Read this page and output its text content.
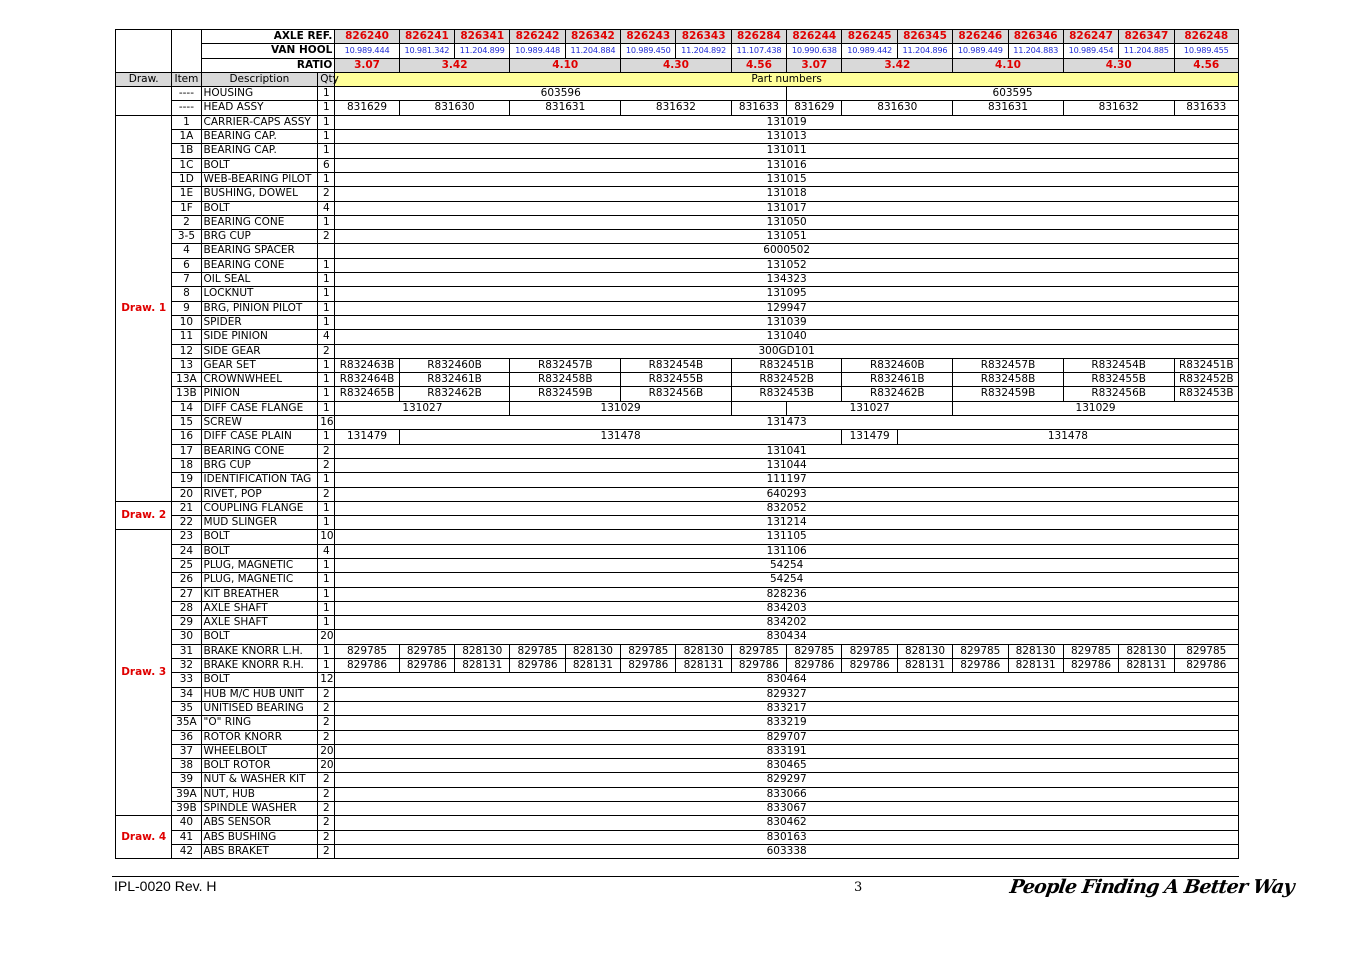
		AXLE REF.		826240	826241	826341	826242	826342	826243	826343	826284	826244	826245	826345	826246	826346	826247	826347	826248
		VAN HOOL		10.989.444	10.981.342	11.204.899	10.989.448	11.204.884	10.989.450	11.204.892	11.107.438	10.990.638	10.989.442	11.204.896	10.989.449	11.204.883	10.989.454	11.204.885	10.989.455
		RATIO		3.07	3.42		4.10		4.30		4.56	3.07	3.42		4.10		4.30		4.56
Draw.	Item	Description	Qty	Part numbers															
	----	HOUSING	1	603596								603595							
	----	HEAD ASSY	1	831629	831630		831631		831632		831633	831629	831630		831631		831632		831633
Draw. 1	1	CARRIER-CAPS ASSY	1	131019															
	1A	BEARING CAP.	1	131013															
	1B	BEARING CAP.	1	131011															
	1C	BOLT	6	131016															
	1D	WEB-BEARING PILOT	1	131015															
	1E	BUSHING, DOWEL	2	131018															
	1F	BOLT	4	131017															
	2	BEARING CONE	1	131050															
	3-5	BRG CUP	2	131051															
	4	BEARING SPACER		6000502															
	6	BEARING CONE	1	131052															
	7	OIL SEAL	1	134323															
	8	LOCKNUT	1	131095															
	9	BRG, PINION PILOT	1	129947															
	10	SPIDER	1	131039															
	11	SIDE PINION	4	131040															
	12	SIDE GEAR	2	300GD101															
	13	GEAR SET	1	R832463B	R832460B		R832457B		R832454B		R832451B		R832460B		R832457B		R832454B		R832451B
	13A	CROWNWHEEL	1	R832464B	R832461B		R832458B		R832455B		R832452B		R832461B		R832458B		R832455B		R832452B
	13B	PINION	1	R832465B	R832462B		R832459B		R832456B		R832453B		R832462B		R832459B		R832456B		R832453B
	14	DIFF CASE FLANGE	1	131027			131029					131027			131029				
	15	SCREW	16	131473															
	16	DIFF CASE PLAIN	1	131479	131478								131479	131478					
	17	BEARING CONE	2	131041															
	18	BRG CUP	2	131044															
	19	IDENTIFICATION TAG	1	111197															
	20	RIVET, POP	2	640293															
Draw. 2	21	COUPLING FLANGE	1	832052															
	22	MUD SLINGER	1	131214															
Draw. 3	23	BOLT	10	131105															
	24	BOLT	4	131106															
	25	PLUG, MAGNETIC	1	54254															
	26	PLUG, MAGNETIC	1	54254															
	27	KIT BREATHER	1	828236															
	28	AXLE SHAFT	1	834203															
	29	AXLE SHAFT	1	834202															
	30	BOLT	20	830434															
	31	BRAKE KNORR L.H.	1	829785	829785	828130	829785	828130	829785	828130	829785	829785	829785	828130	829785	828130	829785	828130	829785
	32	BRAKE KNORR R.H.	1	829786	829786	828131	829786	828131	829786	828131	829786	829786	829786	828131	829786	828131	829786	828131	829786
	33	BOLT	12	830464															
	34	HUB M/C HUB UNIT	2	829327															
	35	UNITISED BEARING	2	833217															
	35A	"O" RING	2	833219															
	36	ROTOR KNORR	2	829707															
	37	WHEELBOLT	20	833191															
	38	BOLT ROTOR	20	830465															
	39	NUT & WASHER KIT	2	829297															
	39A	NUT, HUB	2	833066															
	39B	SPINDLE WASHER	2	833067															
Draw. 4	40	ABS SENSOR	2	830462															
	41	ABS BUSHING	2	830163															
	42	ABS BRAKET	2	603338															
IPL-0020 Rev. H	3	People Finding A Better Way
